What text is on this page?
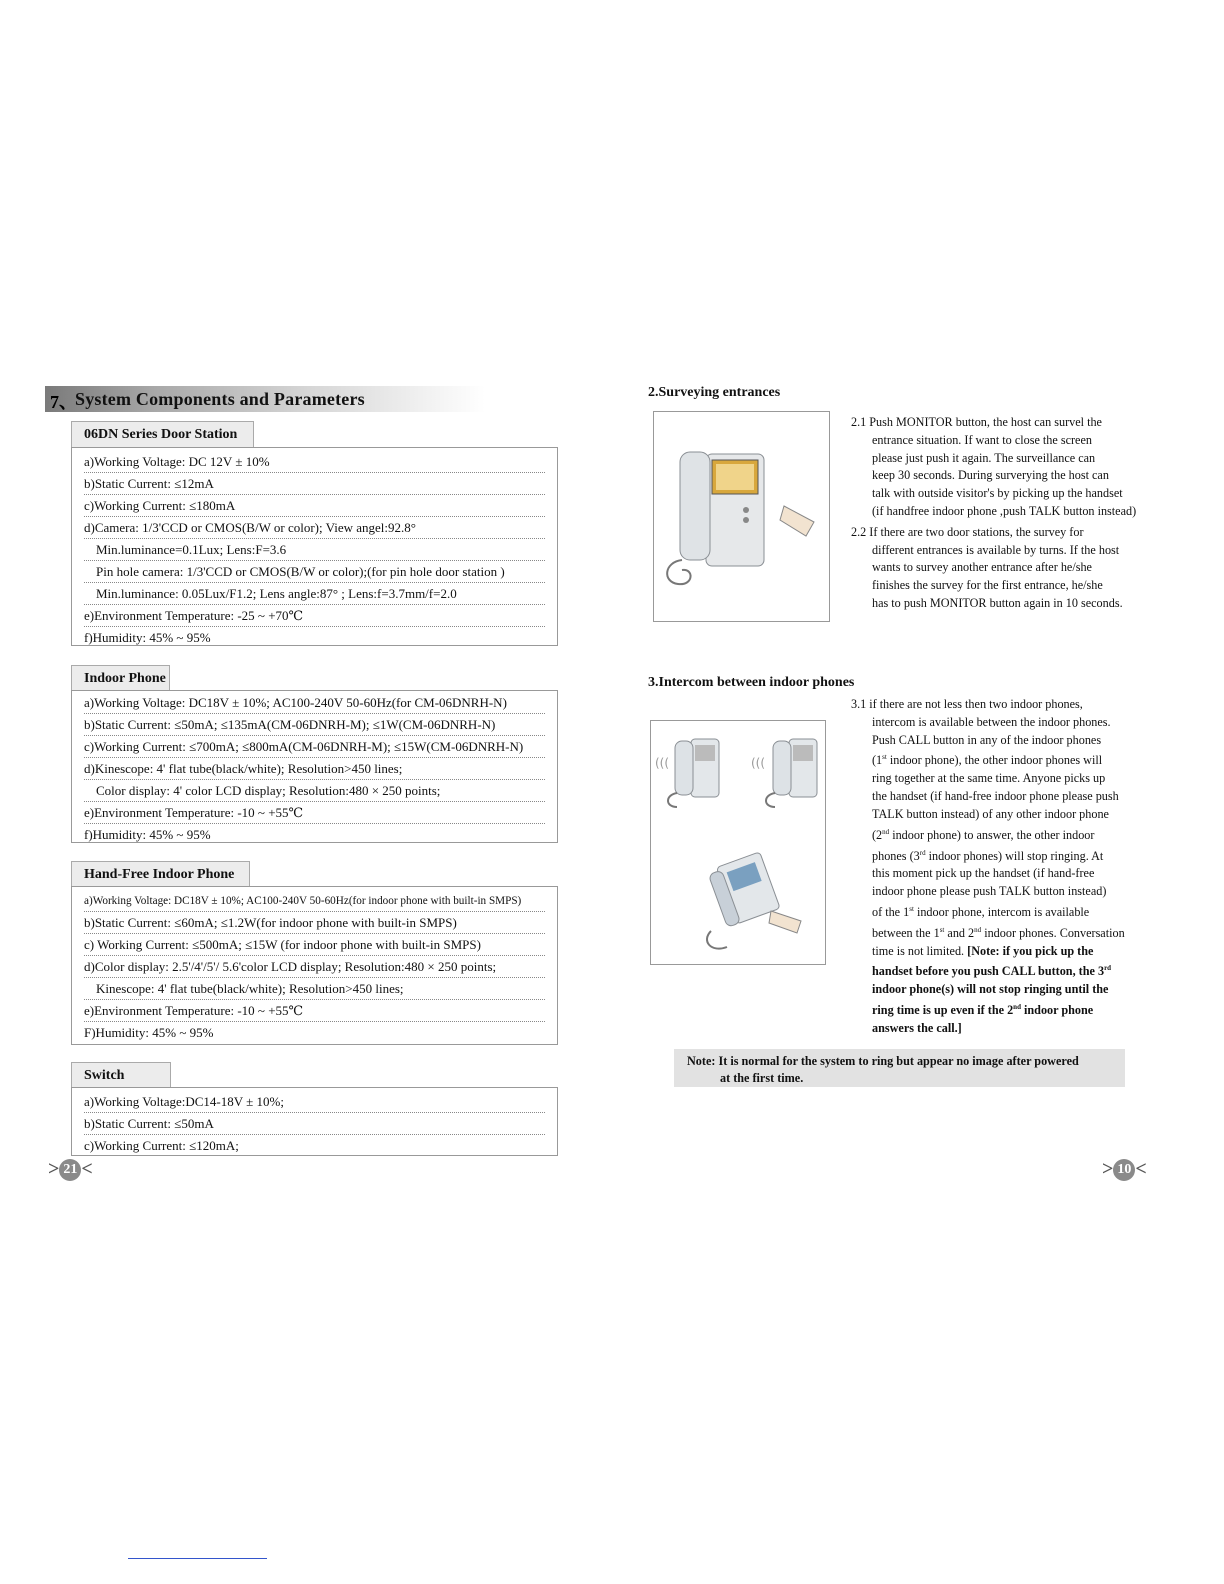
7、
System Components and Parameters
06DN Series Door Station
a)Working Voltage: DC 12V ± 10%
b)Static Current: ≤12mA
c)Working Current: ≤180mA
d)Camera: 1/3'CCD or CMOS(B/W or color); View angel:92.8°
Min.luminance=0.1Lux; Lens:F=3.6
Pin hole camera: 1/3'CCD or CMOS(B/W or color);(for pin hole door station )
Min.luminance: 0.05Lux/F1.2; Lens angle:87° ; Lens:f=3.7mm/f=2.0
e)Environment Temperature: -25 ~ +70℃
f)Humidity: 45% ~ 95%
Indoor Phone
a)Working Voltage: DC18V ± 10%; AC100-240V 50-60Hz(for CM-06DNRH-N)
b)Static Current: ≤50mA; ≤135mA(CM-06DNRH-M); ≤1W(CM-06DNRH-N)
c)Working Current: ≤700mA; ≤800mA(CM-06DNRH-M); ≤15W(CM-06DNRH-N)
d)Kinescope: 4' flat tube(black/white); Resolution>450 lines;
Color display: 4' color LCD display; Resolution:480 × 250 points;
e)Environment Temperature: -10 ~ +55℃
f)Humidity: 45% ~ 95%
Hand-Free Indoor Phone
a)Working Voltage: DC18V ± 10%; AC100-240V 50-60Hz(for indoor phone with built-in SMPS)
b)Static Current: ≤60mA; ≤1.2W(for indoor phone with built-in SMPS)
c) Working Current: ≤500mA; ≤15W (for indoor phone with built-in SMPS)
d)Color display: 2.5'/4'/5'/ 5.6'color LCD display; Resolution:480 × 250 points;
Kinescope: 4' flat tube(black/white); Resolution>450 lines;
e)Environment Temperature: -10 ~ +55℃
F)Humidity: 45% ~ 95%
Switch
a)Working Voltage:DC14-18V ± 10%;
b)Static Current: ≤50mA
c)Working Current: ≤120mA;
> 21 <
2.Surveying entrances

2.1 Push MONITOR button, the host can survel the

entrance situation. If want to close the screen

please just push it again. The surveillance can

keep 30 seconds. During surverying the host can

talk with outside visitor's by picking up the handset

(if handfree indoor phone ,push TALK button instead)

2.2 If there are two door stations, the survey for

different entrances is available by turns. If the host

wants to survey another entrance after he/she

finishes the survey for the first entrance, he/she

has to push MONITOR button again in 10 seconds.

3.Intercom between indoor phones
(((	(((

3.1 if there are not less then two indoor phones,

intercom is available between the indoor phones.

Push CALL button in any of the indoor phones

(1st indoor phone), the other indoor phones will

ring together at the same time. Anyone picks up

the handset (if hand-free indoor phone please push

TALK button instead) of any other indoor phone

(2nd indoor phone) to answer, the other indoor

phones (3rd indoor phones) will stop ringing. At

this moment pick up the handset (if hand-free

indoor phone please push TALK button instead)

of the 1st indoor phone, intercom is available

between the 1st and 2nd indoor phones. Conversation

time is not limited. [Note: if you pick up the

handset before you push CALL button, the 3rd

indoor phone(s) will not stop ringing until the

ring time is up even if the 2nd indoor phone

answers the call.]

Note: It is normal for the system to ring but appear no image after powered
at the first time.
> 10 <
